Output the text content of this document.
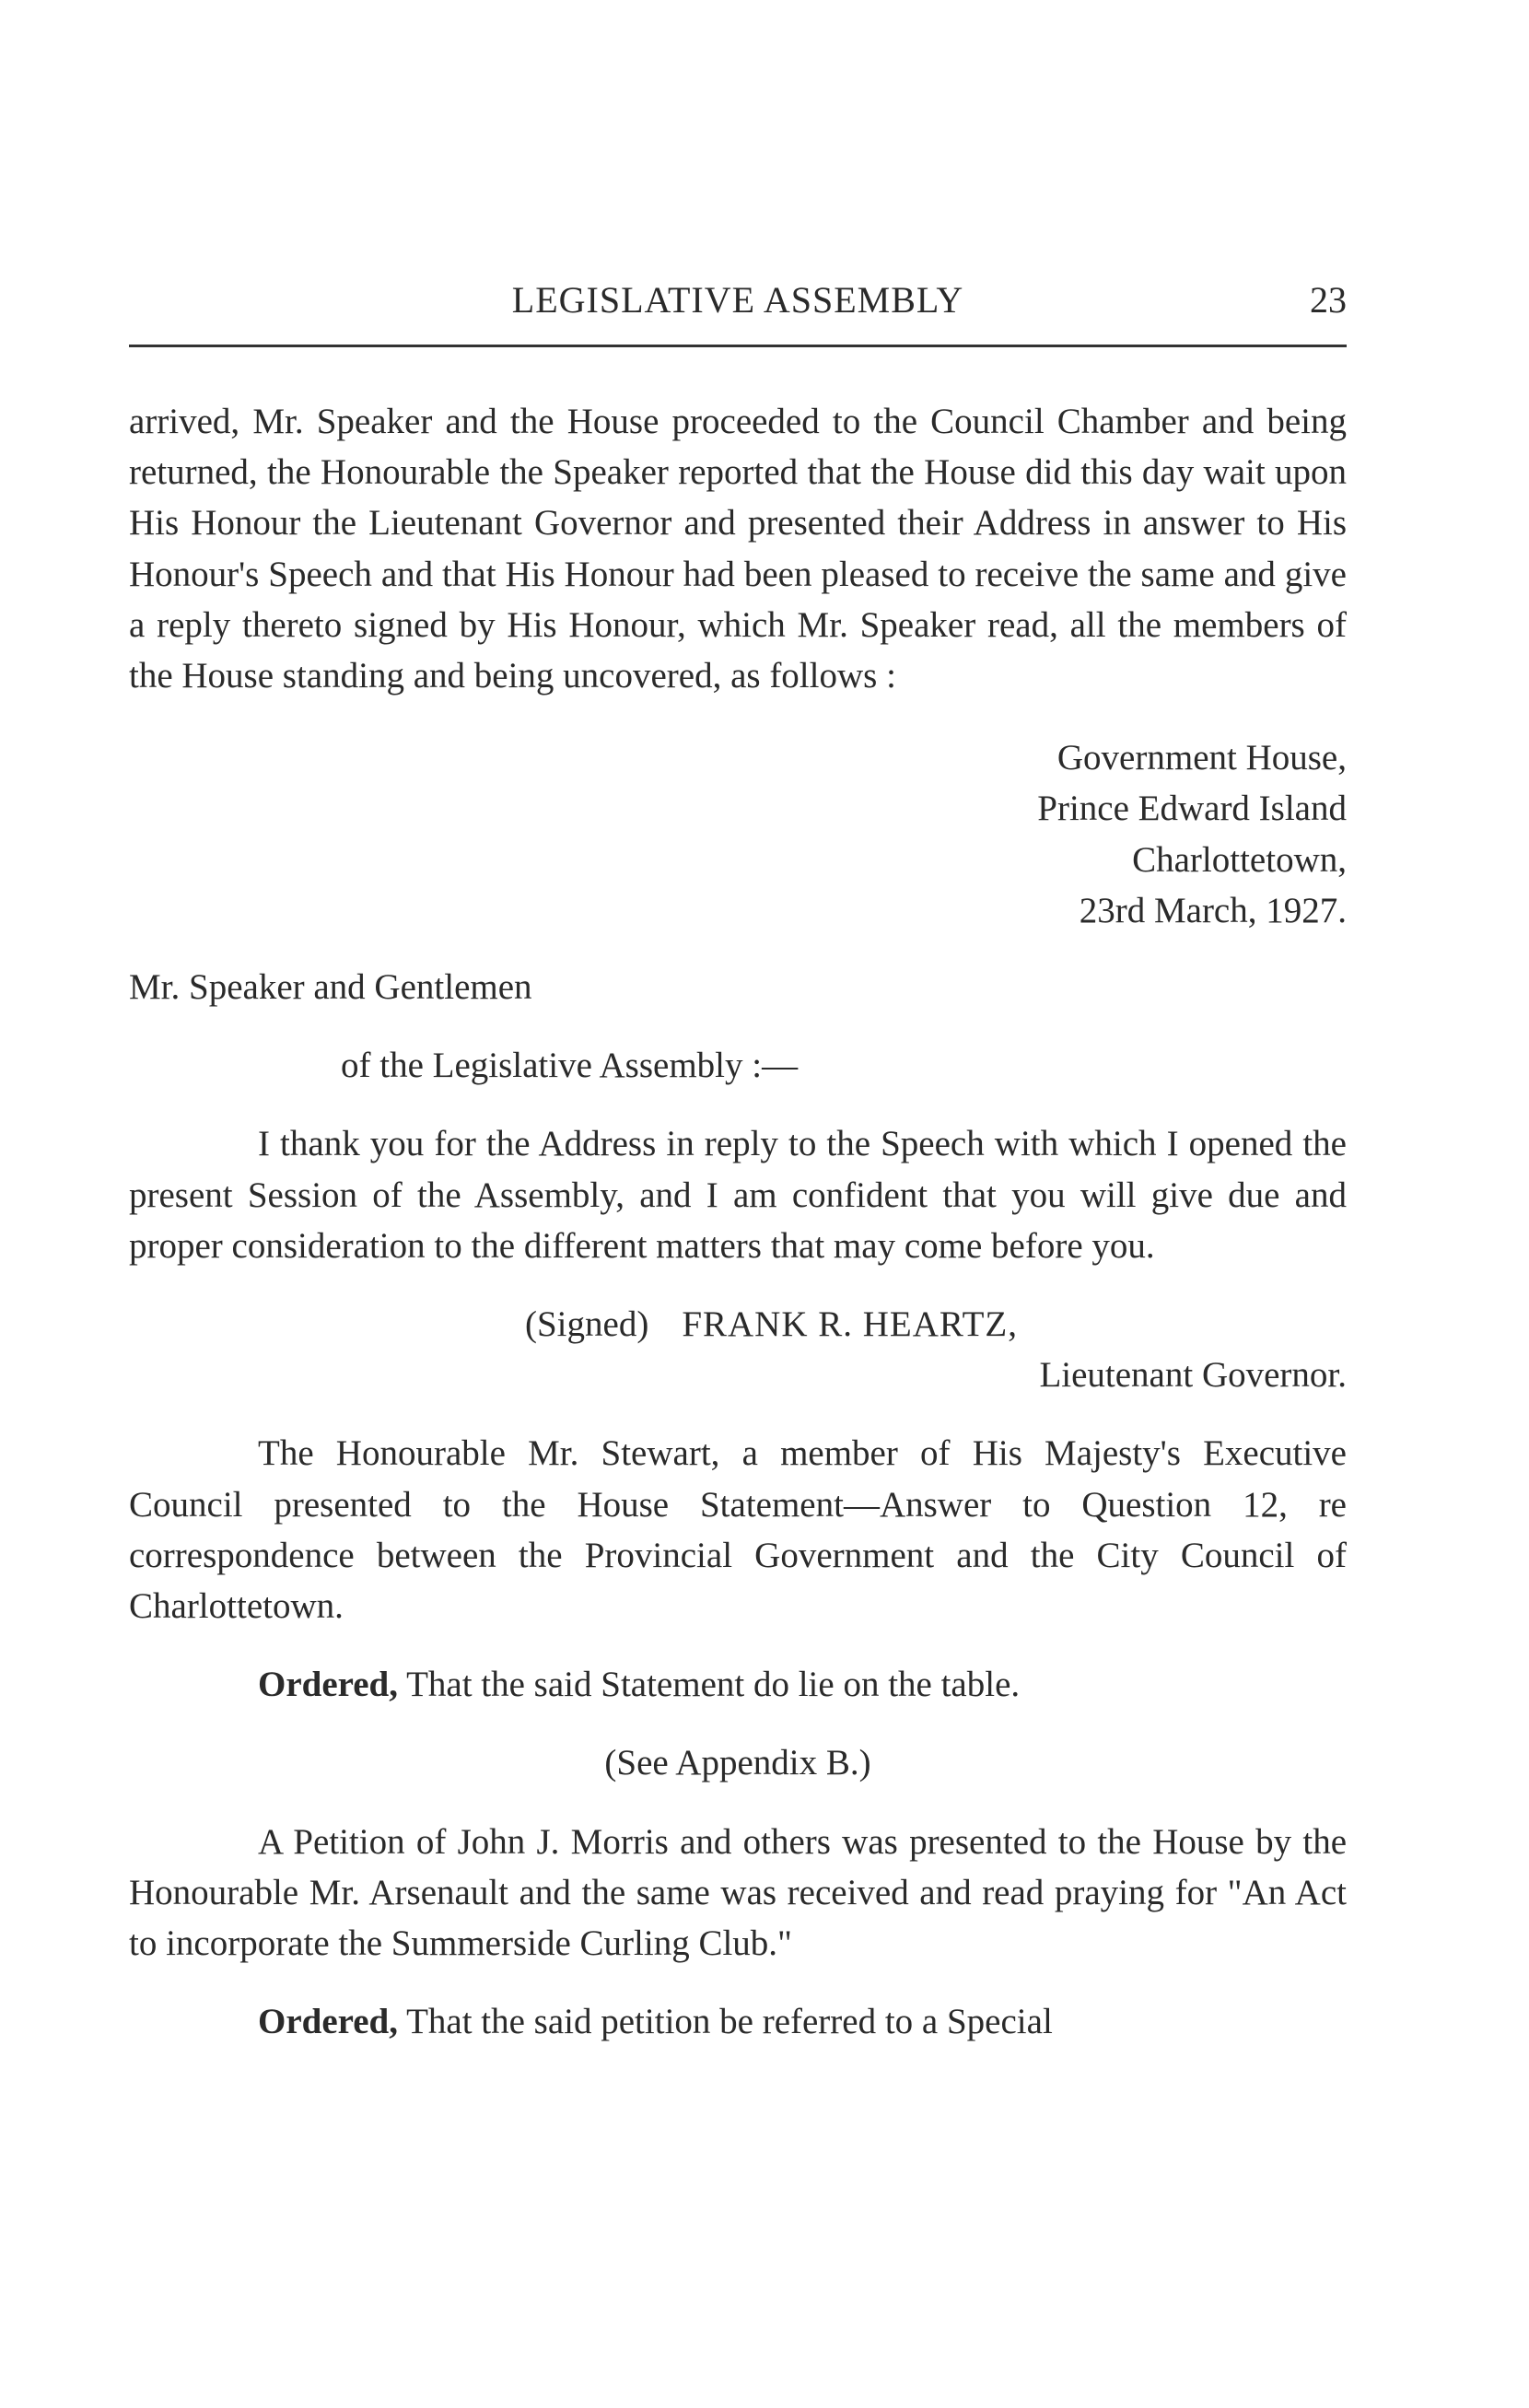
LEGISLATIVE ASSEMBLY	23

arrived, Mr. Speaker and the House proceeded to the Council Chamber and being returned, the Honourable the Speaker reported that the House did this day wait upon His Honour the Lieutenant Governor and presented their Address in answer to His Honour's Speech and that His Honour had been pleased to receive the same and give a reply thereto signed by His Honour, which Mr. Speaker read, all the members of the House standing and being uncovered, as follows :

Government House,
Prince Edward Island
Charlottetown,
23rd March, 1927.
Mr. Speaker and Gentlemen
of the Legislative Assembly :—

I thank you for the Address in reply to the Speech with which I opened the present Session of the Assembly, and I am confident that you will give due and proper consideration to the different matters that may come before you.

(Signed) FRANK R. HEARTZ,
Lieutenant Governor.

The Honourable Mr. Stewart, a member of His Majesty's Executive Council presented to the House Statement—Answer to Question 12, re correspondence between the Provincial Government and the City Council of Charlottetown.

Ordered, That the said Statement do lie on the table.

(See Appendix B.)

A Petition of John J. Morris and others was presented to the House by the Honourable Mr. Arsenault and the same was received and read praying for "An Act to incorporate the Summerside Curling Club."

Ordered, That the said petition be referred to a Special
